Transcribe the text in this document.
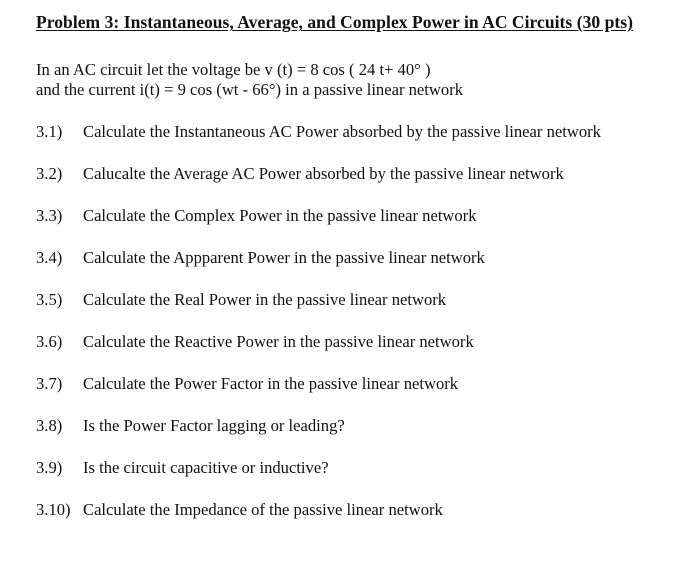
Problem 3: Instantaneous, Average, and Complex Power in AC Circuits (30 pts)
In an AC circuit let the voltage be v (t) = 8 cos ( 24 t+ 40° )
and the current i(t) = 9 cos (wt - 66°) in a passive linear network
3.1) Calculate the Instantaneous AC Power absorbed by the passive linear network
3.2) Calucalte the Average AC Power absorbed by the passive linear network
3.3) Calculate the Complex Power in the passive linear network
3.4) Calculate the Appparent Power in the passive linear network
3.5) Calculate the Real Power in the passive linear network
3.6) Calculate the Reactive Power in the passive linear network
3.7) Calculate the Power Factor in the passive linear network
3.8) Is the Power Factor lagging or leading?
3.9) Is the circuit capacitive or inductive?
3.10) Calculate the Impedance of the passive linear network
